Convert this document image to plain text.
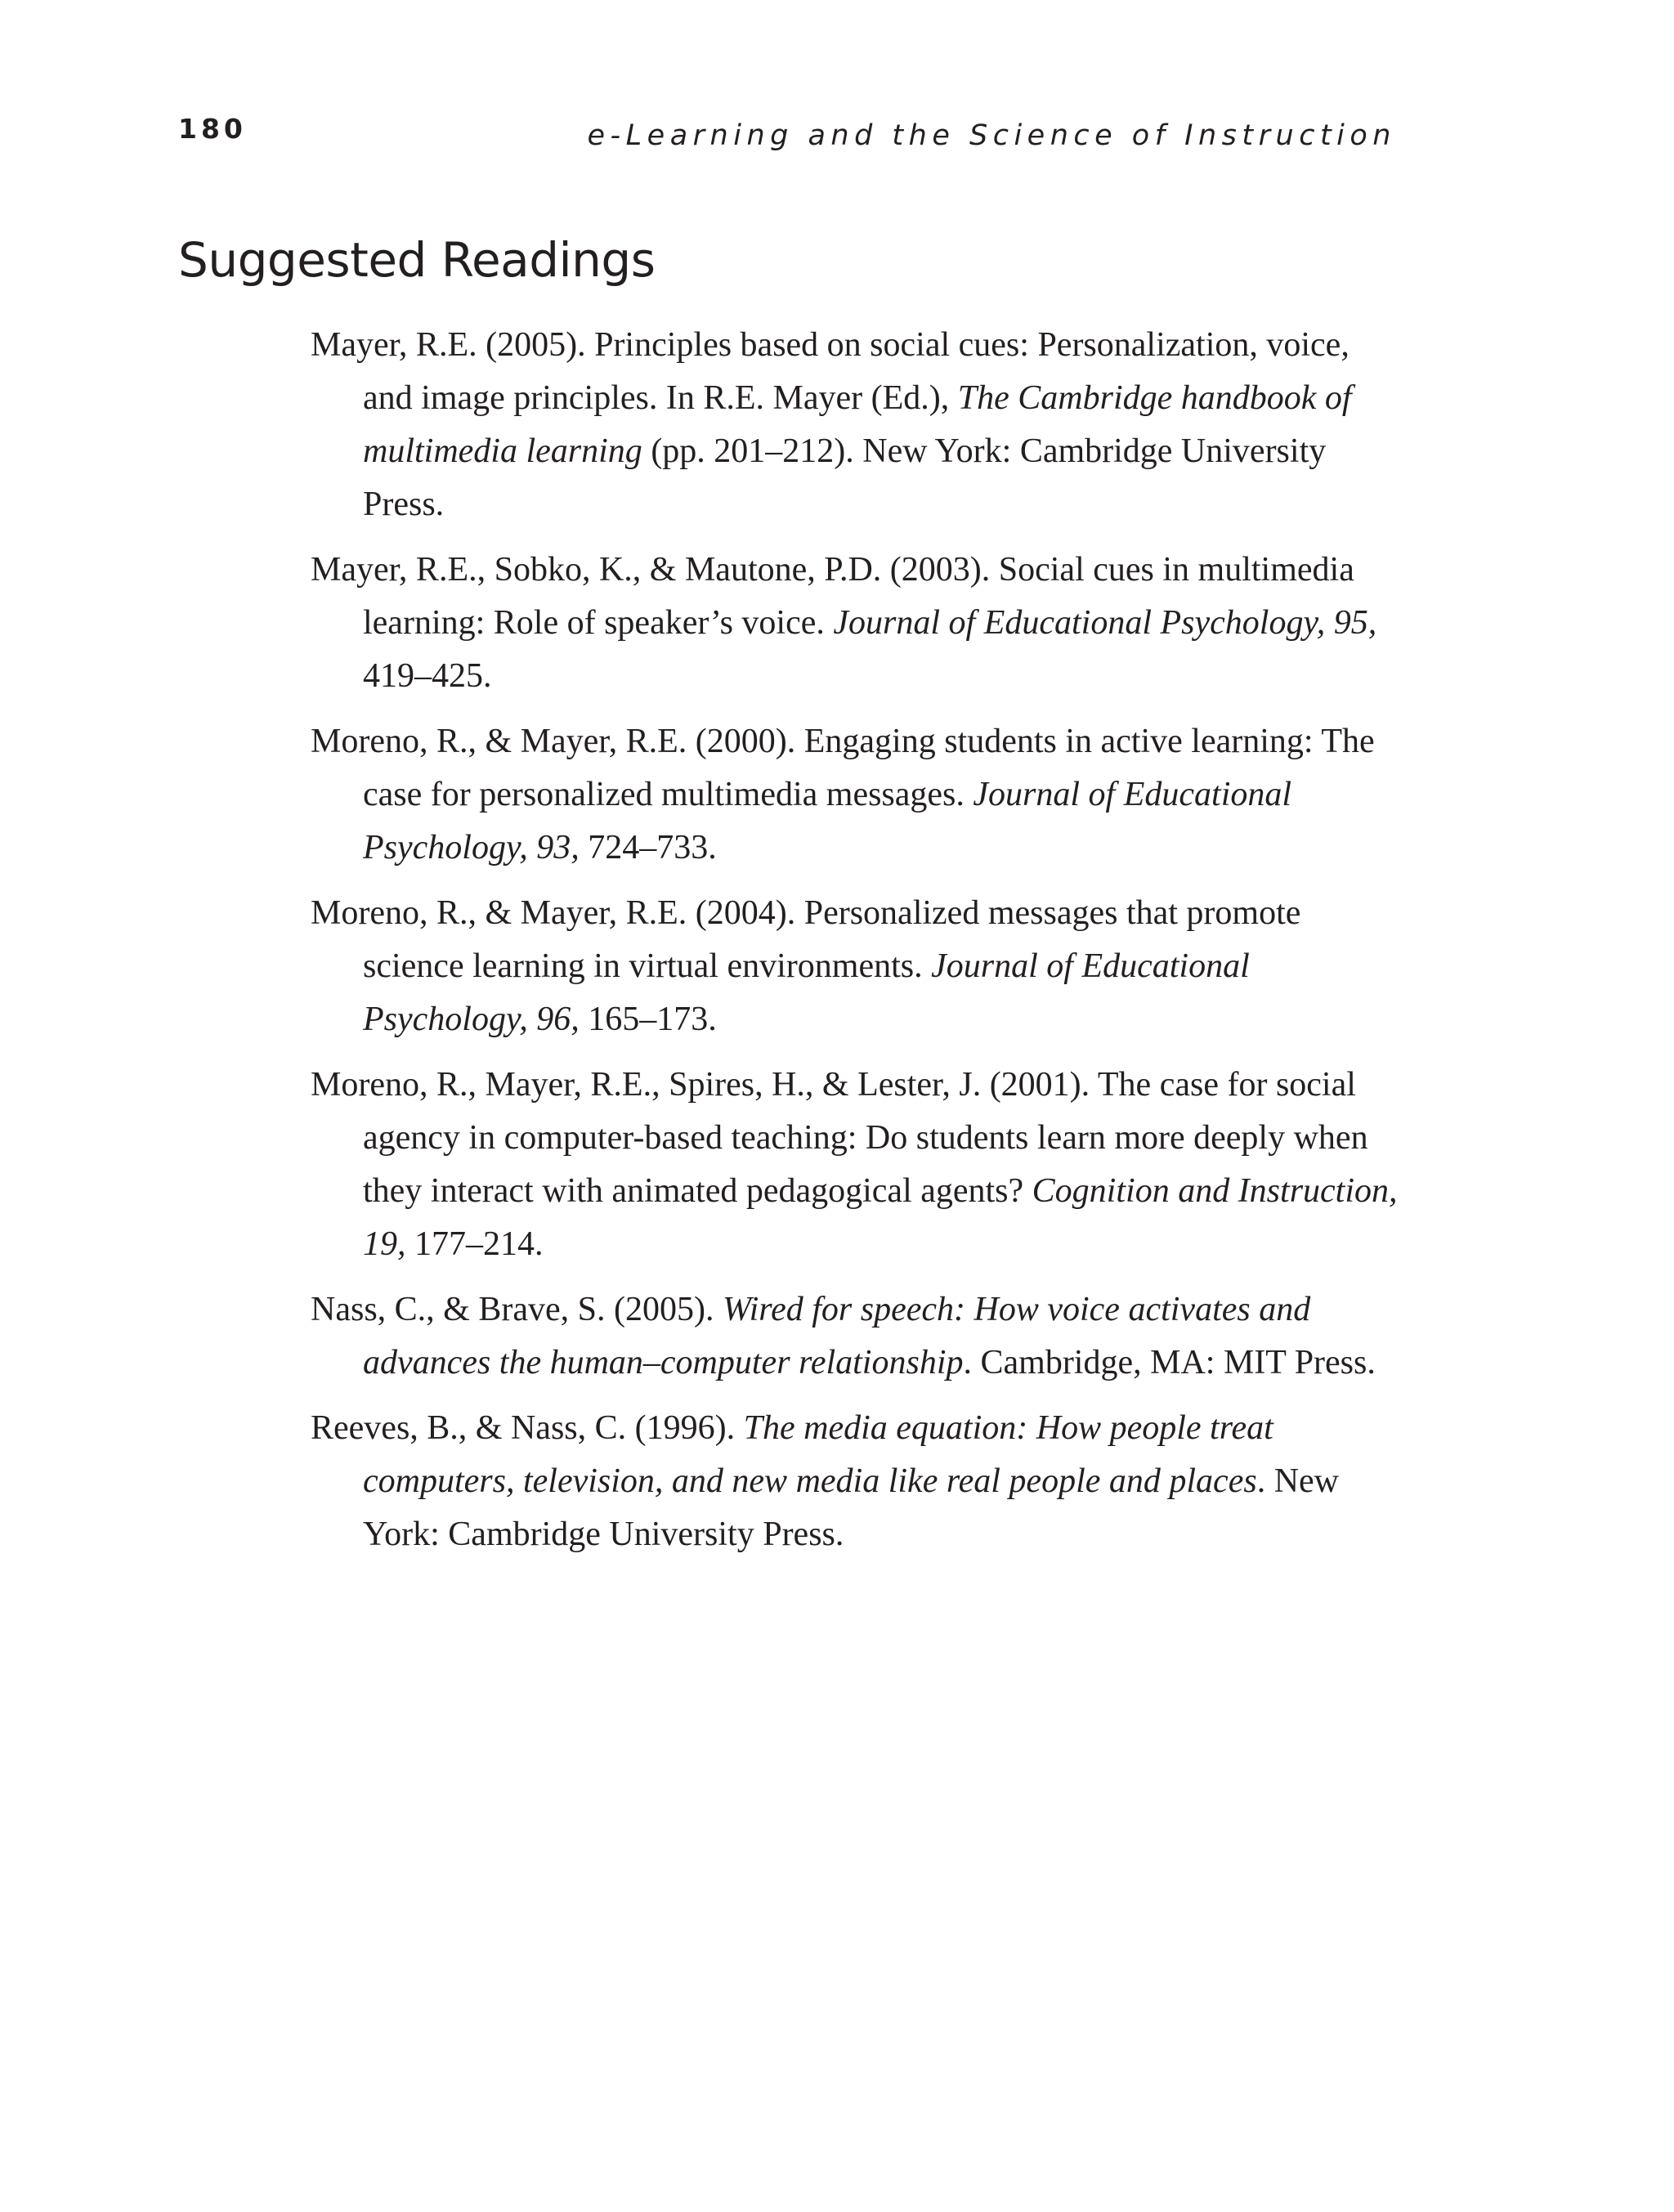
180	e-Learning and the Science of Instruction
Suggested Readings
Mayer, R.E. (2005). Principles based on social cues: Personalization, voice, and image principles. In R.E. Mayer (Ed.), The Cambridge handbook of multimedia learning (pp. 201–212). New York: Cambridge University Press.
Mayer, R.E., Sobko, K., & Mautone, P.D. (2003). Social cues in multimedia learning: Role of speaker’s voice. Journal of Educational Psychology, 95, 419–425.
Moreno, R., & Mayer, R.E. (2000). Engaging students in active learning: The case for personalized multimedia messages. Journal of Educational Psychology, 93, 724–733.
Moreno, R., & Mayer, R.E. (2004). Personalized messages that promote science learning in virtual environments. Journal of Educational Psychology, 96, 165–173.
Moreno, R., Mayer, R.E., Spires, H., & Lester, J. (2001). The case for social agency in computer-based teaching: Do students learn more deeply when they interact with animated pedagogical agents? Cognition and Instruction, 19, 177–214.
Nass, C., & Brave, S. (2005). Wired for speech: How voice activates and advances the human–computer relationship. Cambridge, MA: MIT Press.
Reeves, B., & Nass, C. (1996). The media equation: How people treat computers, television, and new media like real people and places. New York: Cambridge University Press.
